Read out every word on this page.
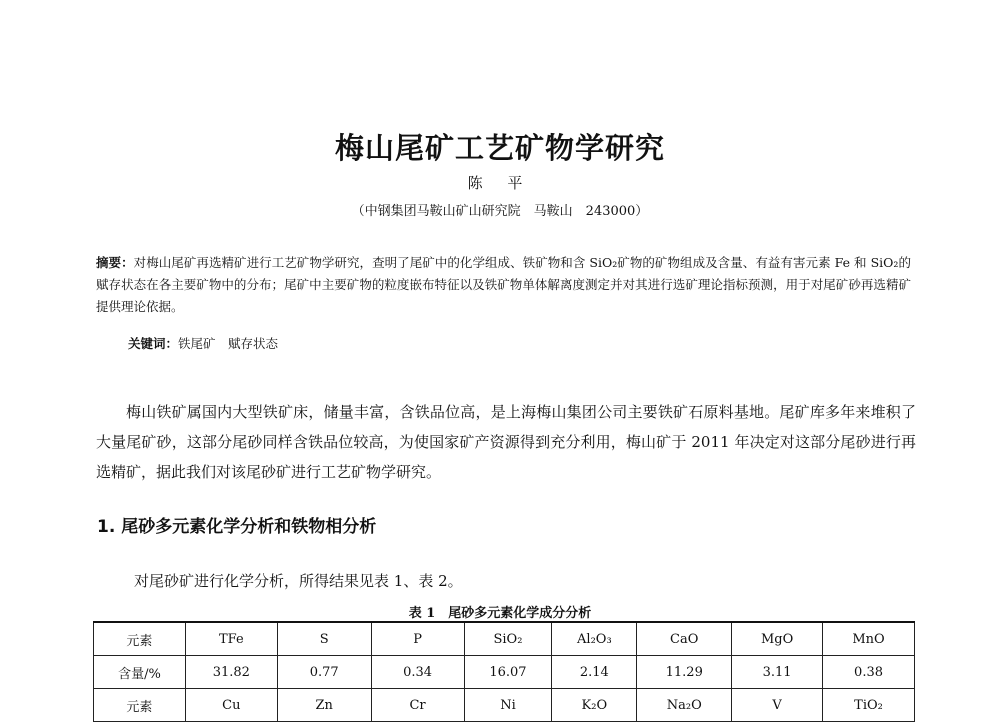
梅山尾矿工艺矿物学研究
陈 平
（中钢集团马鞍山矿山研究院　马鞍山　243000）
摘要：对梅山尾矿再选精矿进行工艺矿物学研究，查明了尾矿中的化学组成、铁矿物和含 SiO₂矿物的矿物组成及含量、有益有害元素 Fe 和 SiO₂的赋存状态在各主要矿物中的分布；尾矿中主要矿物的粒度嵌布特征以及铁矿物单体解离度测定并对其进行选矿理论指标预测，用于对尾矿砂再选精矿提供理论依据。
关键词：铁尾矿　赋存状态
梅山铁矿属国内大型铁矿床，储量丰富，含铁品位高，是上海梅山集团公司主要铁矿石原料基地。尾矿库多年来堆积了大量尾矿砂，这部分尾砂同样含铁品位较高，为使国家矿产资源得到充分利用，梅山矿于 2011 年决定对这部分尾砂进行再选精矿，据此我们对该尾砂矿进行工艺矿物学研究。
1. 尾砂多元素化学分析和铁物相分析
对尾砂矿进行化学分析，所得结果见表 1、表 2。
表 1　尾砂多元素化学成分分析
元素	TFe	S	P	SiO₂	Al₂O₃	CaO	MgO	MnO
含量/%	31.82	0.77	0.34	16.07	2.14	11.29	3.11	0.38
元素	Cu	Zn	Cr	Ni	K₂O	Na₂O	V	TiO₂
